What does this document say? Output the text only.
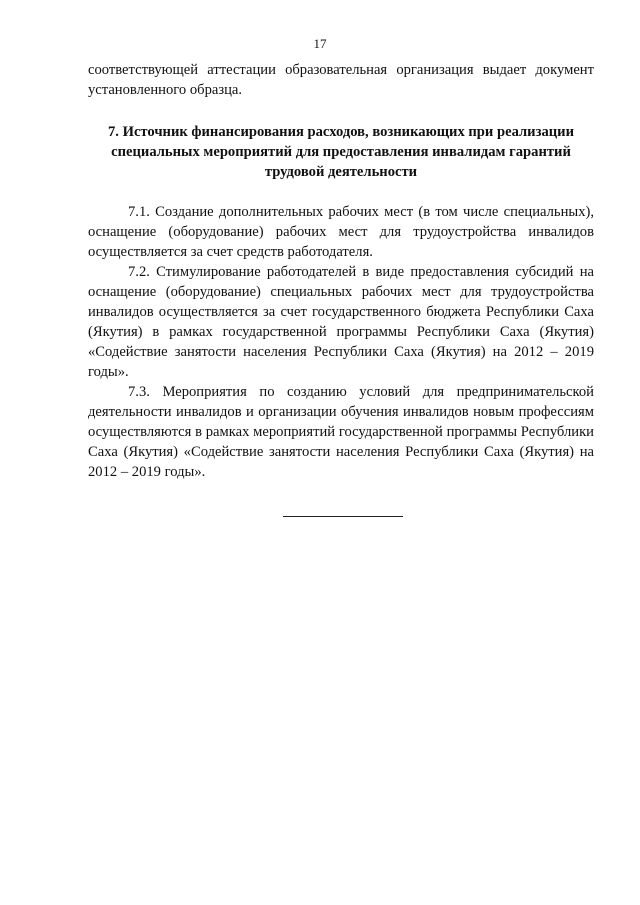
17

соответствующей аттестации образовательная организация выдает документ установленного образца.

7. Источник финансирования расходов, возникающих при реализации специальных мероприятий для предоставления инвалидам гарантий трудовой деятельности

7.1. Создание дополнительных рабочих мест (в том числе специальных), оснащение (оборудование) рабочих мест для трудоустройства инвалидов осуществляется за счет средств работодателя.

7.2. Стимулирование работодателей в виде предоставления субсидий на оснащение (оборудование) специальных рабочих мест для трудоустройства инвалидов осуществляется за счет государственного бюджета Республики Саха (Якутия) в рамках государственной программы Республики Саха (Якутия) «Содействие занятости населения Республики Саха (Якутия) на 2012 – 2019 годы».

7.3. Мероприятия по созданию условий для предпринимательской деятельности инвалидов и организации обучения инвалидов новым профессиям осуществляются в рамках мероприятий государственной программы Республики Саха (Якутия) «Содействие занятости населения Республики Саха (Якутия) на 2012 – 2019 годы».
